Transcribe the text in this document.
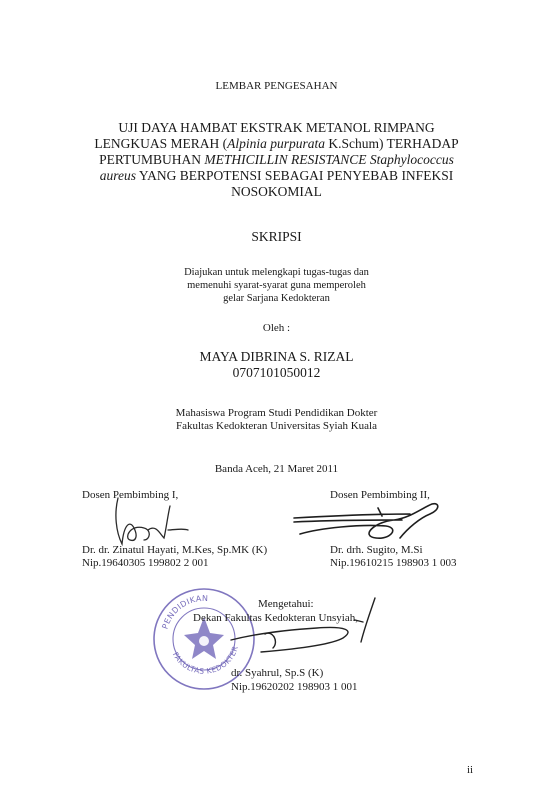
LEMBAR PENGESAHAN
UJI DAYA HAMBAT EKSTRAK METANOL RIMPANG
LENGKUAS MERAH (Alpinia purpurata K.Schum) TERHADAP
PERTUMBUHAN METHICILLIN RESISTANCE Staphylococcus
aureus YANG BERPOTENSI SEBAGAI PENYEBAB INFEKSI
NOSOKOMIAL
SKRIPSI
Diajukan untuk melengkapi tugas-tugas dan
memenuhi syarat-syarat guna memperoleh
gelar Sarjana Kedokteran
Oleh :
MAYA DIBRINA S. RIZAL
0707101050012
Mahasiswa Program Studi Pendidikan Dokter
Fakultas Kedokteran Universitas Syiah Kuala
Banda Aceh, 21 Maret 2011
Dosen Pembimbing I,
Dr. dr. Zinatul Hayati, M.Kes, Sp.MK (K)
Nip.19640305 199802 2 001
Dosen Pembimbing II,
Dr. drh. Sugito, M.Si
Nip.19610215 198903 1 003
PENDIDIKAN
FAKULTAS KEDOKTERAN
Mengetahui:
Dekan Fakultas Kedokteran Unsyiah,
dr. Syahrul, Sp.S (K)
Nip.19620202 198903 1 001
ii
